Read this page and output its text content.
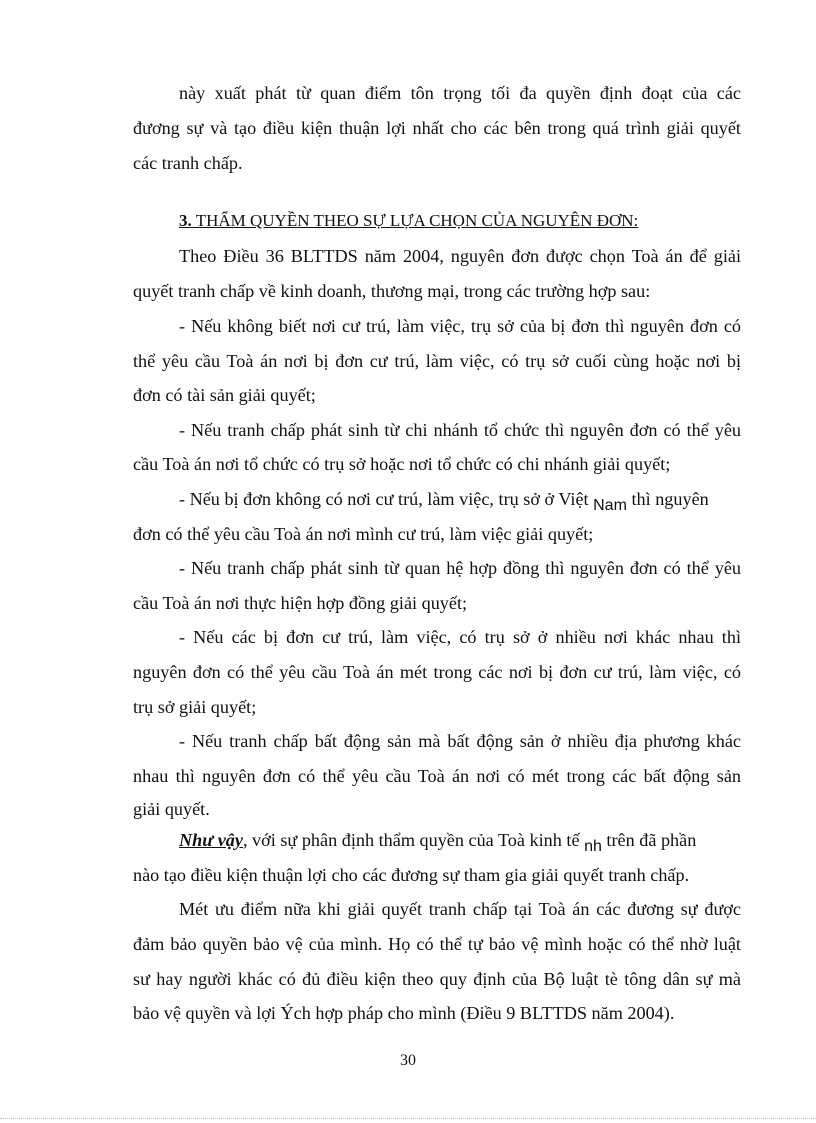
này xuất phát từ quan điểm tôn trọng tối đa quyền định đoạt của các
đương sự và tạo điều kiện thuận lợi nhất cho các bên trong quá trình giải quyết
các tranh chấp.
3. THẨM QUYỀN THEO SỰ LỰA CHỌN CỦA NGUYÊN ĐƠN:
Theo Điều 36 BLTTDS năm 2004, nguyên đơn được chọn Toà án để giải
quyết tranh chấp về kinh doanh, thương mại, trong các trường hợp sau:
- Nếu không biết nơi cư trú, làm việc, trụ sở của bị đơn thì nguyên đơn có
thể yêu cầu Toà án nơi bị đơn cư trú, làm việc, có trụ sở cuối cùng hoặc nơi bị
đơn có tài sản giải quyết;
- Nếu tranh chấp phát sinh từ chi nhánh tổ chức thì nguyên đơn có thể yêu
cầu Toà án nơi tổ chức có trụ sở hoặc nơi tổ chức có chi nhánh giải quyết;
- Nếu bị đơn không có nơi cư trú, làm việc, trụ sở ở Việt Nam thì nguyên
đơn có thể yêu cầu Toà án nơi mình cư trú, làm việc giải quyết;
- Nếu tranh chấp phát sinh từ quan hệ hợp đồng thì nguyên đơn có thể yêu
cầu Toà án nơi thực hiện hợp đồng giải quyết;
- Nếu các bị đơn cư trú, làm việc, có trụ sở ở nhiều nơi khác nhau thì
nguyên đơn có thể yêu cầu Toà án mét trong các nơi bị đơn cư trú, làm việc, có
trụ sở giải quyết;
- Nếu tranh chấp bất động sản mà bất động sản ở nhiều địa phương khác
nhau thì nguyên đơn có thể yêu cầu Toà án nơi có mét trong các bất động sản
giải quyết.
Như vậy, với sự phân định thẩm quyền của Toà kinh tế nh trên đã phần
nào tạo điều kiện thuận lợi cho các đương sự tham gia giải quyết tranh chấp.
Mét ưu điểm nữa khi giải quyết tranh chấp tại Toà án các đương sự được
đảm bảo quyền bảo vệ của mình. Họ có thể tự bảo vệ mình hoặc có thể nhờ luật
sư hay người khác có đủ điều kiện theo quy định của Bộ luật tè tông dân sự mà
bảo vệ quyền và lợi Ých hợp pháp cho mình (Điều 9 BLTTDS năm 2004).
30
